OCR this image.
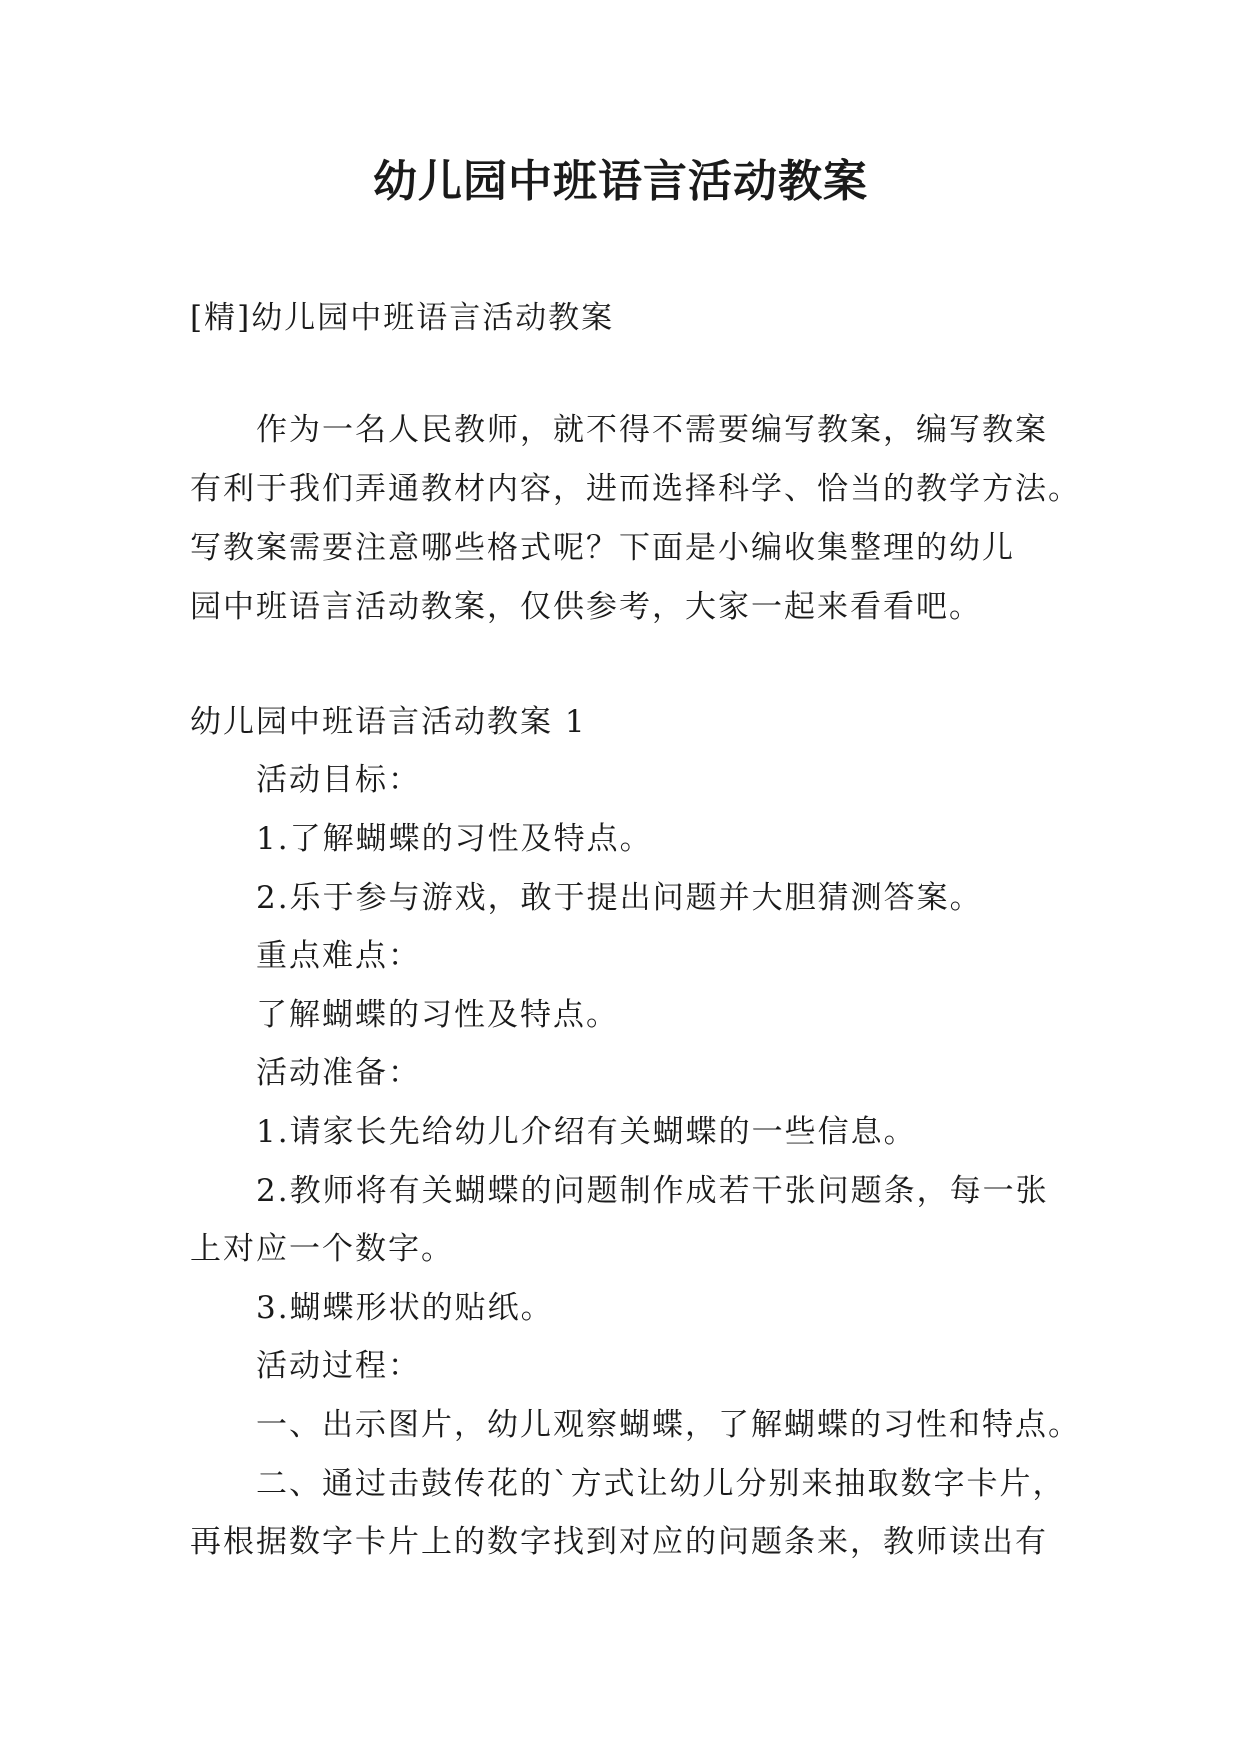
幼儿园中班语言活动教案

[精]幼儿园中班语言活动教案

作为一名人民教师，就不得不需要编写教案，编写教案

有利于我们弄通教材内容，进而选择科学、恰当的教学方法。

写教案需要注意哪些格式呢？下面是小编收集整理的幼儿

园中班语言活动教案，仅供参考，大家一起来看看吧。

幼儿园中班语言活动教案 1

活动目标：

1.了解蝴蝶的习性及特点。

2.乐于参与游戏，敢于提出问题并大胆猜测答案。

重点难点：

了解蝴蝶的习性及特点。

活动准备：

1.请家长先给幼儿介绍有关蝴蝶的一些信息。

2.教师将有关蝴蝶的问题制作成若干张问题条，每一张

上对应一个数字。

3.蝴蝶形状的贴纸。

活动过程：

一、出示图片，幼儿观察蝴蝶，了解蝴蝶的习性和特点。

二、通过击鼓传花的`方式让幼儿分别来抽取数字卡片，

再根据数字卡片上的数字找到对应的问题条来，教师读出有
